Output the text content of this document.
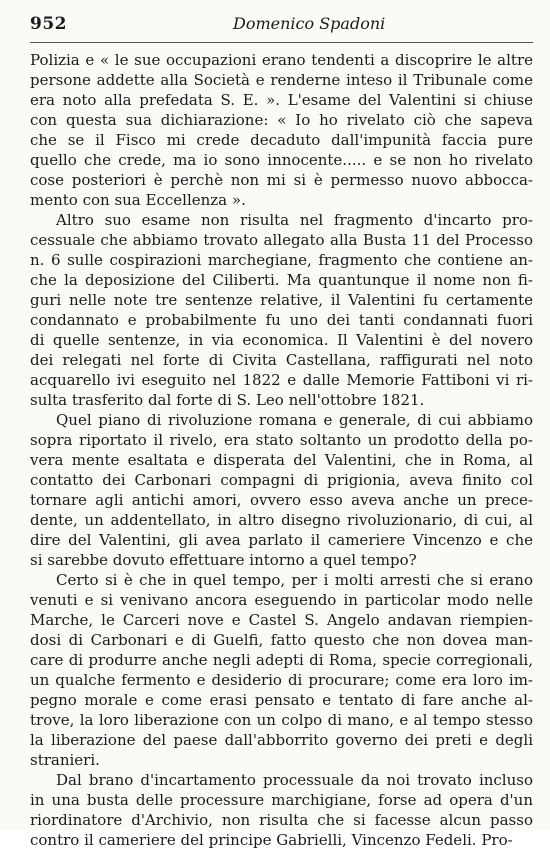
952	Domenico Spadoni
Polizia e « le sue occupazioni erano tendenti a discoprire le altre
persone addette alla Società e renderne inteso il Tribunale come
era noto alla prefedata S. E. ». L'esame del Valentini si chiuse
con questa sua dichiarazione: « Io ho rivelato ciò che sapeva
che se il Fisco mi crede decaduto dall'impunità faccia pure
quello che crede, ma io sono innocente..... e se non ho rivelato
cose posteriori è perchè non mi si è permesso nuovo abbocca-
mento con sua Eccellenza ».
Altro suo esame non risulta nel fragmento d'incarto pro-
cessuale che abbiamo trovato allegato alla Busta 11 del Processo
n. 6 sulle cospirazioni marchegiane, fragmento che contiene an-
che la deposizione del Ciliberti. Ma quantunque il nome non fi-
guri nelle note tre sentenze relative, il Valentini fu certamente
condannato e probabilmente fu uno dei tanti condannati fuori
di quelle sentenze, in via economica. Il Valentini è del novero
dei relegati nel forte di Civita Castellana, raffigurati nel noto
acquarello ivi eseguito nel 1822 e dalle Memorie Fattiboni vi ri-
sulta trasferito dal forte di S. Leo nell'ottobre 1821.
Quel piano di rivoluzione romana e generale, di cui abbiamo
sopra riportato il rivelo, era stato soltanto un prodotto della po-
vera mente esaltata e disperata del Valentini, che in Roma, al
contatto dei Carbonari compagni di prigionia, aveva finito col
tornare agli antichi amori, ovvero esso aveva anche un prece-
dente, un addentellato, in altro disegno rivoluzionario, di cui, al
dire del Valentini, gli avea parlato il cameriere Vincenzo e che
si sarebbe dovuto effettuare intorno a quel tempo?
Certo si è che in quel tempo, per i molti arresti che si erano
venuti e si venivano ancora eseguendo in particolar modo nelle
Marche, le Carceri nove e Castel S. Angelo andavan riempien-
dosi di Carbonari e di Guelfi, fatto questo che non dovea man-
care di produrre anche negli adepti di Roma, specie corregionali,
un qualche fermento e desiderio di procurare; come era loro im-
pegno morale e come erasi pensato e tentato di fare anche al-
trove, la loro liberazione con un colpo di mano, e al tempo stesso
la liberazione del paese dall'abborrito governo dei preti e degli
stranieri.
Dal brano d'incartamento processuale da noi trovato incluso
in una busta delle processure marchigiane, forse ad opera d'un
riordinatore d'Archivio, non risulta che si facesse alcun passo
contro il cameriere del principe Gabrielli, Vincenzo Fedeli. Pro-
